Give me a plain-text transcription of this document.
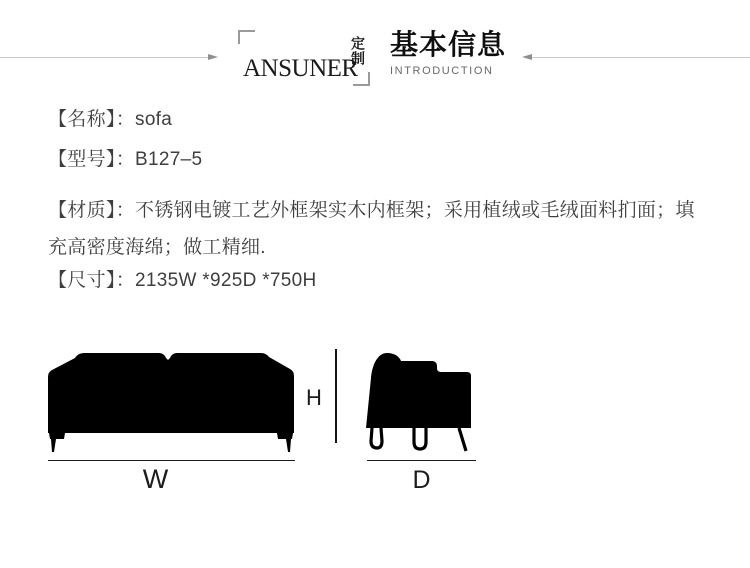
ANSUNER
定制 基本信息
INTRODUCTION
【名称】：sofa
【型号】：B127–5
【材质】：不锈钢电镀工艺外框架实木内框架；采用植绒或毛绒面料扪面；填充高密度海绵；做工精细.
【尺寸】：2135W *925D *750H
H
W	D
